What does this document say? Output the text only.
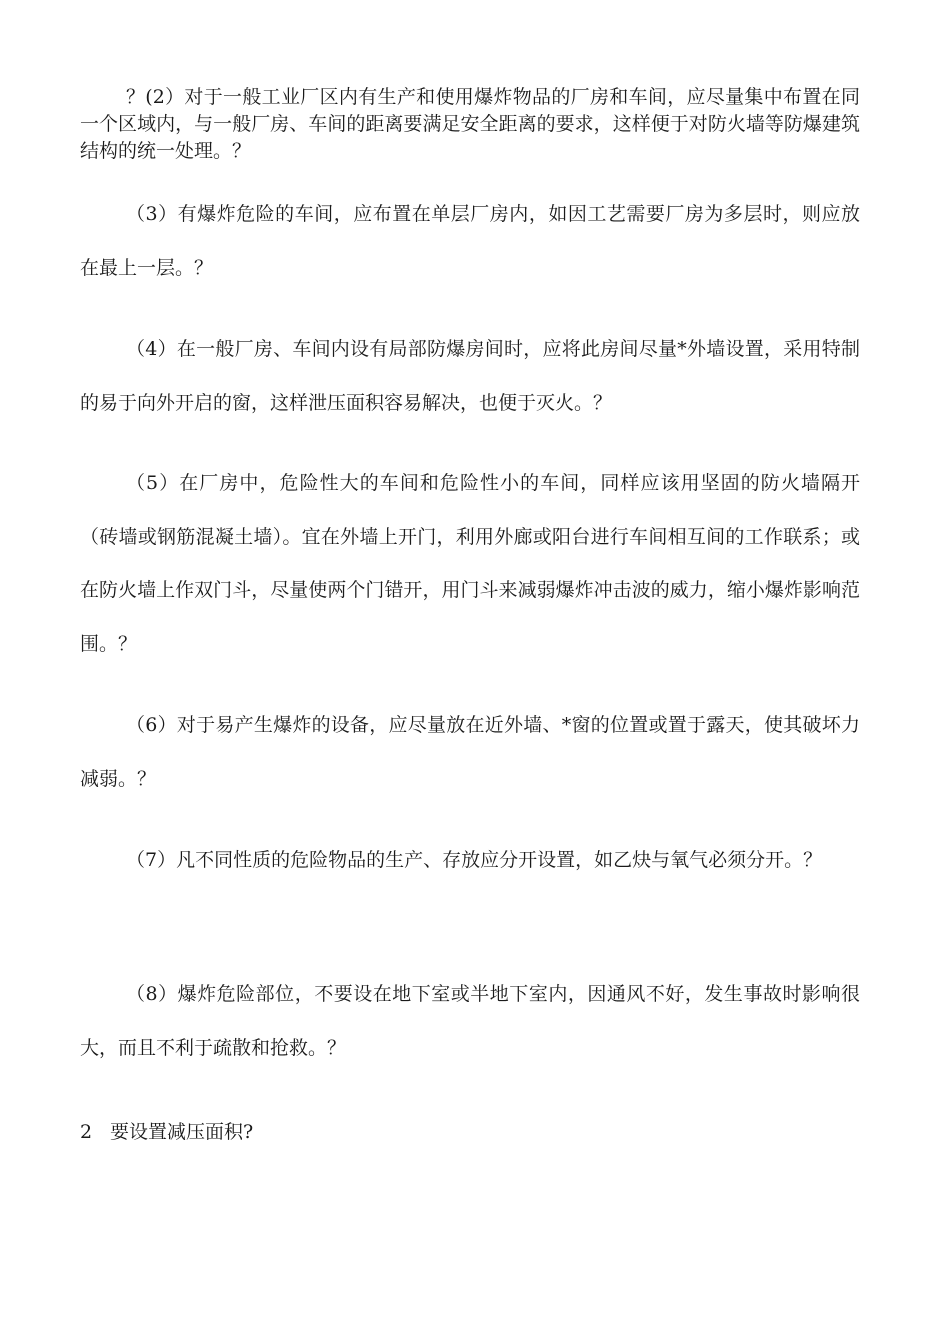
？(2）对于一般工业厂区内有生产和使用爆炸物品的厂房和车间，应尽量集中布置在同一个区域内，与一般厂房、车间的距离要满足安全距离的要求，这样便于对防火墙等防爆建筑结构的统一处理。？

（3）有爆炸危险的车间，应布置在单层厂房内，如因工艺需要厂房为多层时，则应放在最上一层。？

（4）在一般厂房、车间内设有局部防爆房间时，应将此房间尽量*外墙设置，采用特制的易于向外开启的窗，这样泄压面积容易解决，也便于灭火。？

（5）在厂房中，危险性大的车间和危险性小的车间，同样应该用坚固的防火墙隔开（砖墙或钢筋混凝土墙）。宜在外墙上开门，利用外廊或阳台进行车间相互间的工作联系；或在防火墙上作双门斗，尽量使两个门错开，用门斗来减弱爆炸冲击波的威力，缩小爆炸影响范围。？

（6）对于易产生爆炸的设备，应尽量放在近外墙、*窗的位置或置于露天，使其破坏力减弱。？

（7）凡不同性质的危险物品的生产、存放应分开设置，如乙炔与氧气必须分开。？

（8）爆炸危险部位，不要设在地下室或半地下室内，因通风不好，发生事故时影响很大，而且不利于疏散和抢救。？

2 要设置减压面积?
